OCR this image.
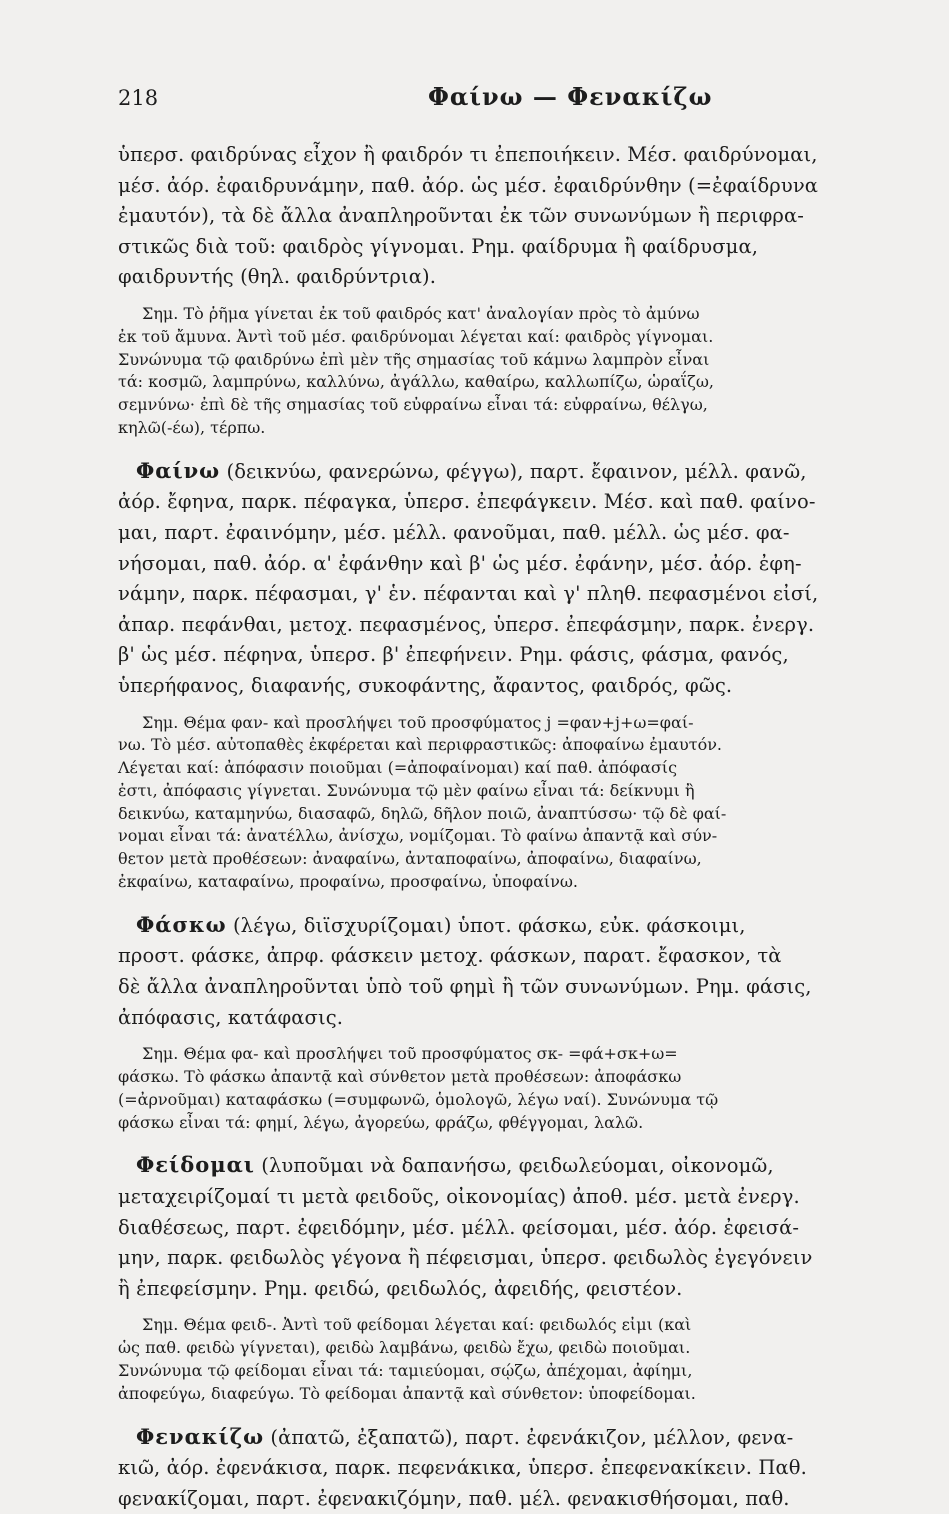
218	Φαίνω — Φενακίζω
ὑπερσ. φαιδρύνας εἶχον ἢ φαιδρόν τι ἐπεποιήκειν. Μέσ. φαιδρύνομαι,
μέσ. ἀόρ. ἐφαιδρυνάμην, παθ. ἀόρ. ὡς μέσ. ἐφαιδρύνθην (=ἐφαίδρυνα
ἐμαυτόν), τὰ δὲ ἄλλα ἀναπληροῦνται ἐκ τῶν συνωνύμων ἢ περιφρα-
στικῶς διὰ τοῦ: φαιδρὸς γίγνομαι. Ρημ. φαίδρυμα ἢ φαίδρυσμα,
φαιδρυντής (θηλ. φαιδρύντρια).
Σημ. Τὸ ῥῆμα γίνεται ἐκ τοῦ φαιδρός κατ' ἀναλογίαν πρὸς τὸ ἀμύνω
ἐκ τοῦ ἄμυνα. Ἀντὶ τοῦ μέσ. φαιδρύνομαι λέγεται καί: φαιδρὸς γίγνομαι.
Συνώνυμα τῷ φαιδρύνω ἐπὶ μὲν τῆς σημασίας τοῦ κάμνω λαμπρὸν εἶναι
τά: κοσμῶ, λαμπρύνω, καλλύνω, ἀγάλλω, καθαίρω, καλλωπίζω, ὡραΐζω,
σεμνύνω· ἐπὶ δὲ τῆς σημασίας τοῦ εὐφραίνω εἶναι τά: εὐφραίνω, θέλγω,
κηλῶ(-έω), τέρπω.
Φαίνω (δεικνύω, φανερώνω, φέγγω), παρτ. ἔφαινον, μέλλ. φανῶ,
ἀόρ. ἔφηνα, παρκ. πέφαγκα, ὑπερσ. ἐπεφάγκειν. Μέσ. καὶ παθ. φαίνο-
μαι, παρτ. ἐφαινόμην, μέσ. μέλλ. φανοῦμαι, παθ. μέλλ. ὡς μέσ. φα-
νήσομαι, παθ. ἀόρ. α' ἐφάνθην καὶ β' ὡς μέσ. ἐφάνην, μέσ. ἀόρ. ἐφη-
νάμην, παρκ. πέφασμαι, γ' ἑν. πέφανται καὶ γ' πληθ. πεφασμένοι εἰσί,
ἀπαρ. πεφάνθαι, μετοχ. πεφασμένος, ὑπερσ. ἐπεφάσμην, παρκ. ἐνεργ.
β' ὡς μέσ. πέφηνα, ὑπερσ. β' ἐπεφήνειν. Ρημ. φάσις, φάσμα, φανός,
ὑπερήφανος, διαφανής, συκοφάντης, ἄφαντος, φαιδρός, φῶς.
Σημ. Θέμα φαν- καὶ προσλήψει τοῦ προσφύματος j =φαν+j+ω=φαί-
νω. Τὸ μέσ. αὐτοπαθὲς ἐκφέρεται καὶ περιφραστικῶς: ἀποφαίνω ἐμαυτόν.
Λέγεται καί: ἀπόφασιν ποιοῦμαι (=ἀποφαίνομαι) καί παθ. ἀπόφασίς
ἐστι, ἀπόφασις γίγνεται. Συνώνυμα τῷ μὲν φαίνω εἶναι τά: δείκνυμι ἢ
δεικνύω, καταμηνύω, διασαφῶ, δηλῶ, δῆλον ποιῶ, ἀναπτύσσω· τῷ δὲ φαί-
νομαι εἶναι τά: ἀνατέλλω, ἀνίσχω, νομίζομαι. Τὸ φαίνω ἀπαντᾷ καὶ σύν-
θετον μετὰ προθέσεων: ἀναφαίνω, ἀνταποφαίνω, ἀποφαίνω, διαφαίνω,
ἐκφαίνω, καταφαίνω, προφαίνω, προσφαίνω, ὑποφαίνω.
Φάσκω (λέγω, διϊσχυρίζομαι) ὑποτ. φάσκω, εὐκ. φάσκοιμι,
προστ. φάσκε, ἀπρφ. φάσκειν μετοχ. φάσκων, παρατ. ἔφασκον, τὰ
δὲ ἄλλα ἀναπληροῦνται ὑπὸ τοῦ φημὶ ἢ τῶν συνωνύμων. Ρημ. φάσις,
ἀπόφασις, κατάφασις.
Σημ. Θέμα φα- καὶ προσλήψει τοῦ προσφύματος σκ- =φά+σκ+ω=
φάσκω. Τὸ φάσκω ἀπαντᾷ καὶ σύνθετον μετὰ προθέσεων: ἀποφάσκω
(=ἀρνοῦμαι) καταφάσκω (=συμφωνῶ, ὁμολογῶ, λέγω ναί). Συνώνυμα τῷ
φάσκω εἶναι τά: φημί, λέγω, ἀγορεύω, φράζω, φθέγγομαι, λαλῶ.
Φείδομαι (λυποῦμαι νὰ δαπανήσω, φειδωλεύομαι, οἰκονομῶ,
μεταχειρίζομαί τι μετὰ φειδοῦς, οἰκονομίας) ἀποθ. μέσ. μετὰ ἐνεργ.
διαθέσεως, παρτ. ἐφειδόμην, μέσ. μέλλ. φείσομαι, μέσ. ἀόρ. ἐφεισά-
μην, παρκ. φειδωλὸς γέγονα ἢ πέφεισμαι, ὑπερσ. φειδωλὸς ἐγεγόνειν
ἢ ἐπεφείσμην. Ρημ. φειδώ, φειδωλός, ἀφειδής, φειστέον.
Σημ. Θέμα φειδ-. Ἀντὶ τοῦ φείδομαι λέγεται καί: φειδωλός εἰμι (καὶ
ὡς παθ. φειδὼ γίγνεται), φειδὼ λαμβάνω, φειδὼ ἔχω, φειδὼ ποιοῦμαι.
Συνώνυμα τῷ φείδομαι εἶναι τά: ταμιεύομαι, σῴζω, ἀπέχομαι, ἀφίημι,
ἀποφεύγω, διαφεύγω. Τὸ φείδομαι ἀπαντᾷ καὶ σύνθετον: ὑποφείδομαι.
Φενακίζω (ἀπατῶ, ἐξαπατῶ), παρτ. ἐφενάκιζον, μέλλον, φενα-
κιῶ, ἀόρ. ἐφενάκισα, παρκ. πεφενάκικα, ὑπερσ. ἐπεφενακίκειν. Παθ.
φενακίζομαι, παρτ. ἐφενακιζόμην, παθ. μέλ. φενακισθήσομαι, παθ.
